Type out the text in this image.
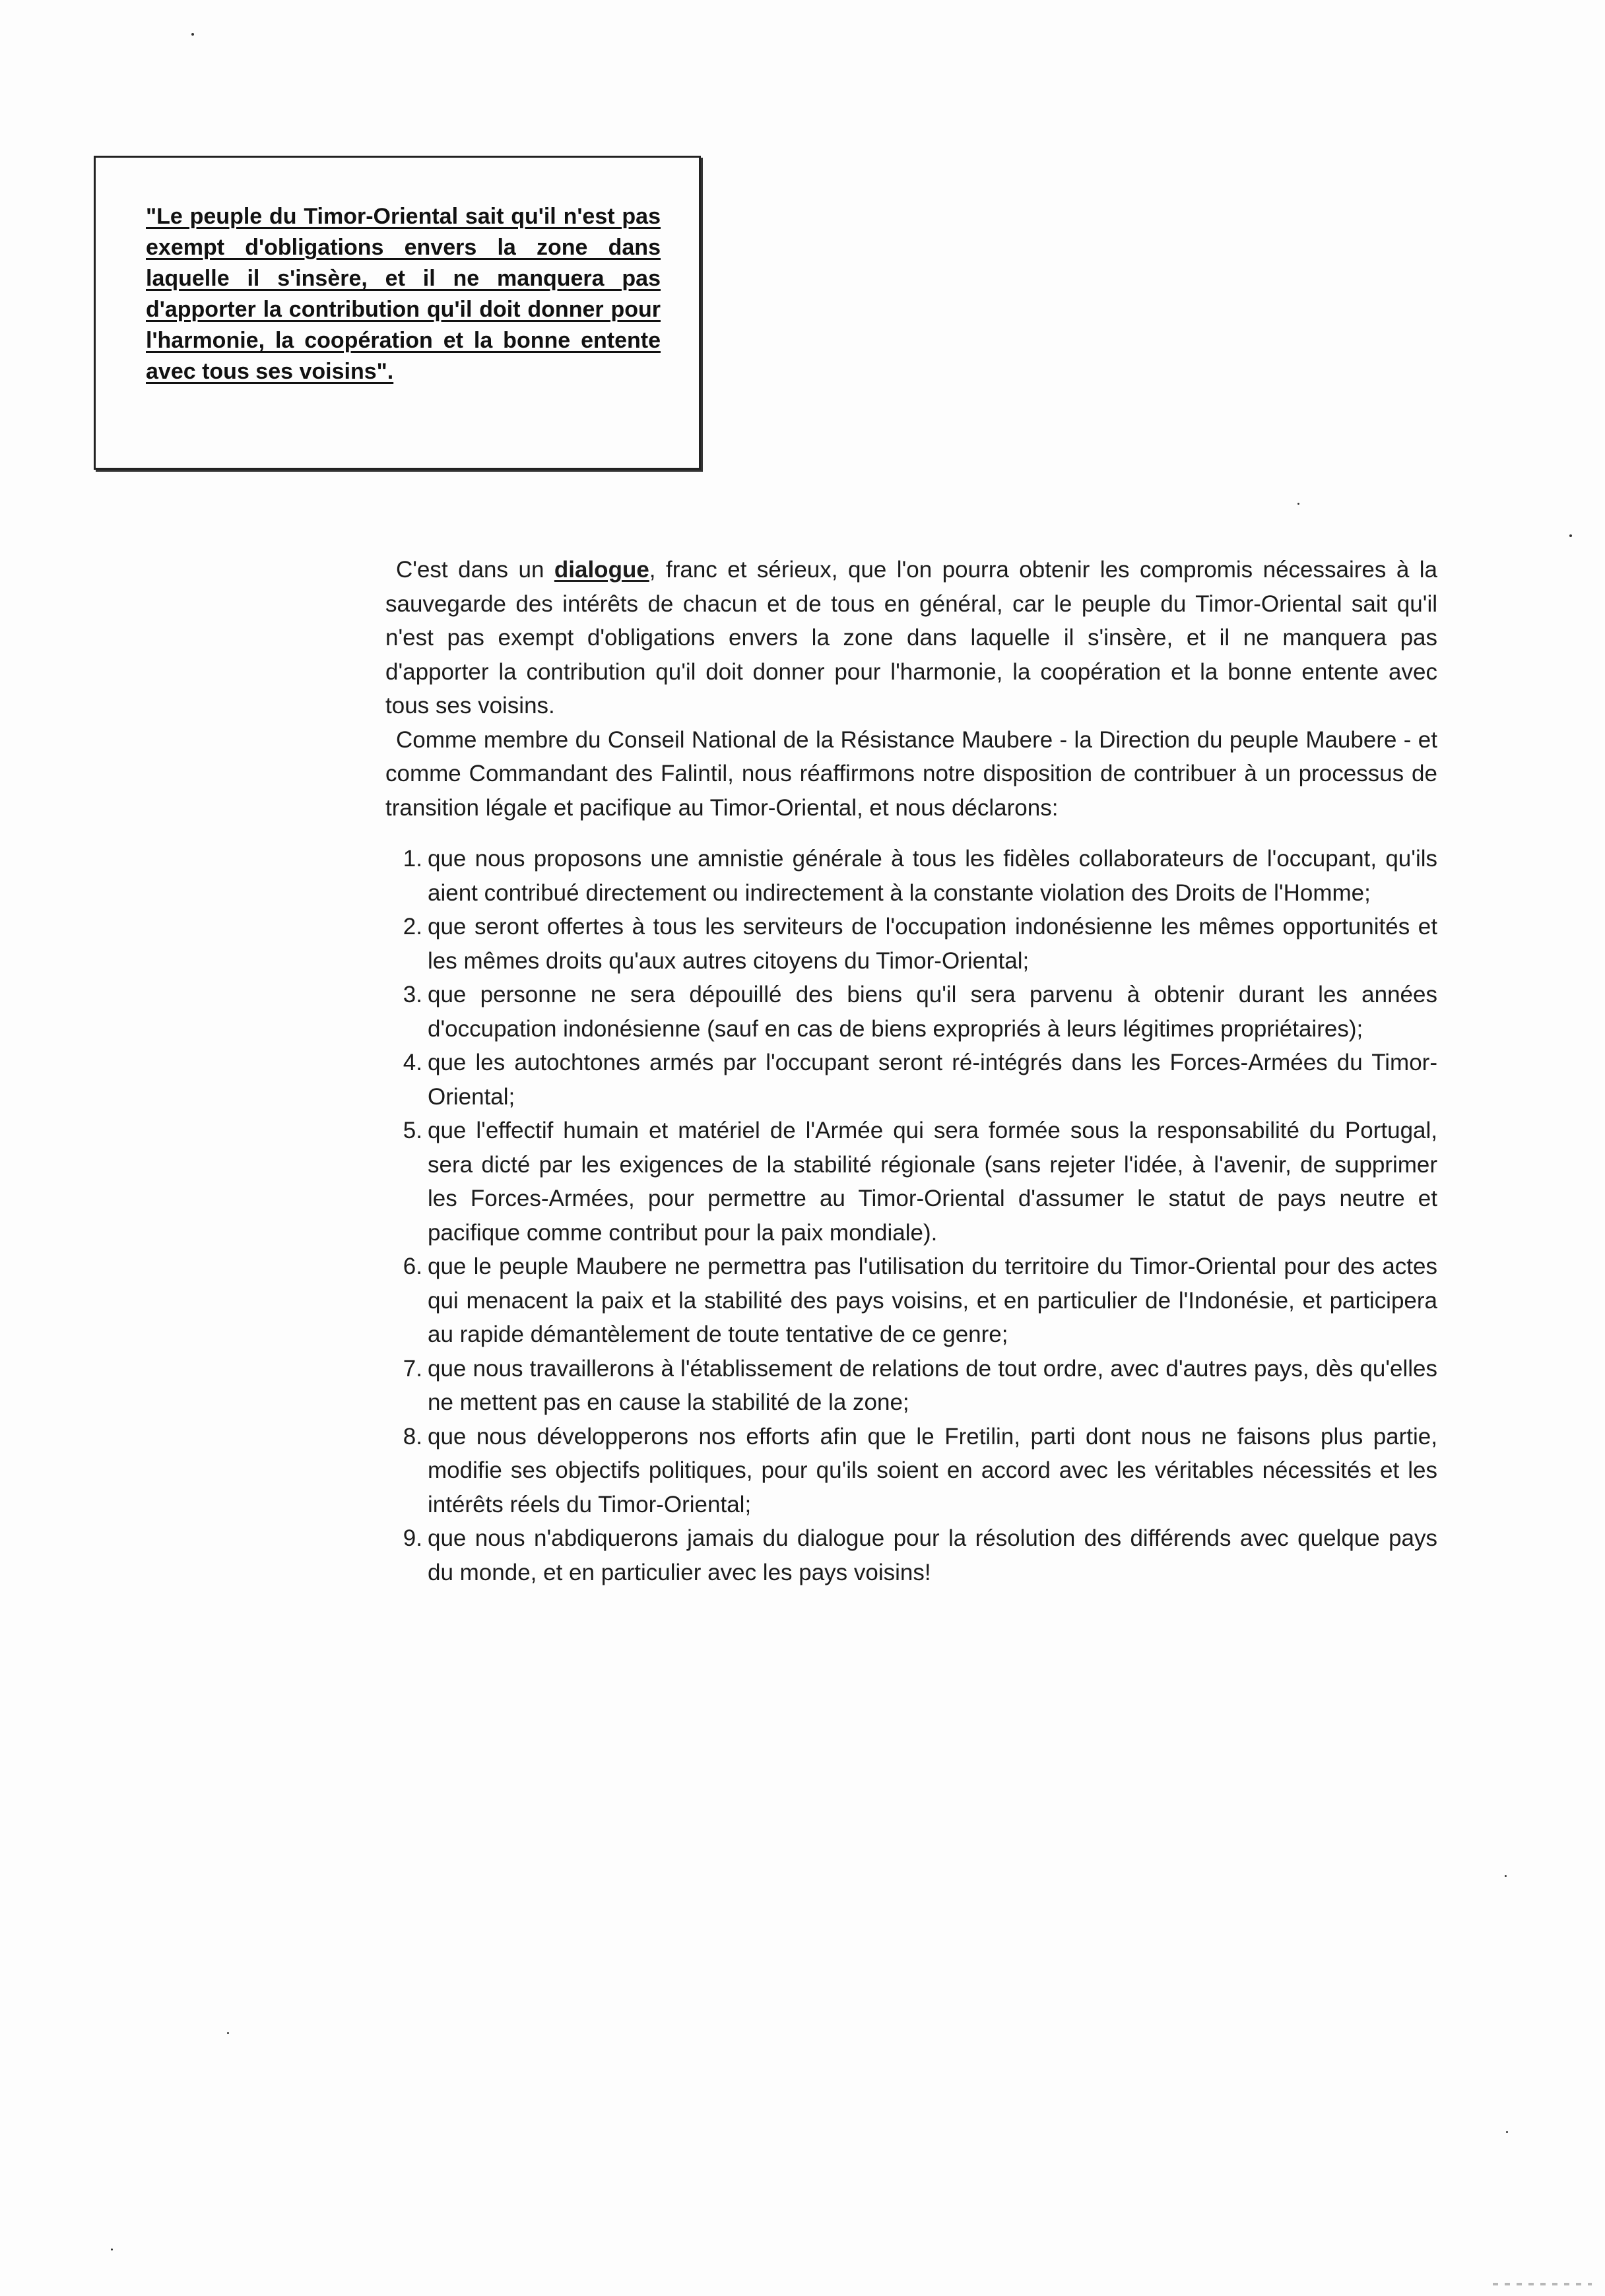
"Le peuple du Timor-Oriental sait qu'il n'est pas exempt d'obligations envers la zone dans laquelle il s'insère, et il ne manquera pas d'apporter la contribution qu'il doit donner pour l'harmonie, la coopération et la bonne entente avec tous ses voisins".

C'est dans un dialogue, franc et sérieux, que l'on pourra obtenir les compromis nécessaires à la sauvegarde des intérêts de chacun et de tous en général, car le peuple du Timor-Oriental sait qu'il n'est pas exempt d'obligations envers la zone dans laquelle il s'insère, et il ne manquera pas d'apporter la contribution qu'il doit donner pour l'harmonie, la coopération et la bonne entente avec tous ses voisins.

Comme membre du Conseil National de la Résistance Maubere - la Direction du peuple Maubere - et comme Commandant des Falintil, nous réaffirmons notre disposition de contribuer à un processus de transition légale et pacifique au Timor-Oriental, et nous déclarons:

1. que nous proposons une amnistie générale à tous les fidèles collaborateurs de l'occupant, qu'ils aient contribué directement ou indirectement à la constante violation des Droits de l'Homme;
2. que seront offertes à tous les serviteurs de l'occupation indonésienne les mêmes opportunités et les mêmes droits qu'aux autres citoyens du Timor-Oriental;
3. que personne ne sera dépouillé des biens qu'il sera parvenu à obtenir durant les années d'occupation indonésienne (sauf en cas de biens expropriés à leurs légitimes propriétaires);
4. que les autochtones armés par l'occupant seront ré-intégrés dans les Forces-Armées du Timor-Oriental;
5. que l'effectif humain et matériel de l'Armée qui sera formée sous la responsabilité du Portugal, sera dicté par les exigences de la stabilité régionale (sans rejeter l'idée, à l'avenir, de supprimer les Forces-Armées, pour permettre au Timor-Oriental d'assumer le statut de pays neutre et pacifique comme contribut pour la paix mondiale).
6. que le peuple Maubere ne permettra pas l'utilisation du territoire du Timor-Oriental pour des actes qui menacent la paix et la stabilité des pays voisins, et en particulier de l'Indonésie, et participera au rapide démantèlement de toute tentative de ce genre;
7. que nous travaillerons à l'établissement de relations de tout ordre, avec d'autres pays, dès qu'elles ne mettent pas en cause la stabilité de la zone;
8. que nous développerons nos efforts afin que le Fretilin, parti dont nous ne faisons plus partie, modifie ses objectifs politiques, pour qu'ils soient en accord avec les véritables nécessités et les intérêts réels du Timor-Oriental;
9. que nous n'abdiquerons jamais du dialogue pour la résolution des différends avec quelque pays du monde, et en particulier avec les pays voisins!
